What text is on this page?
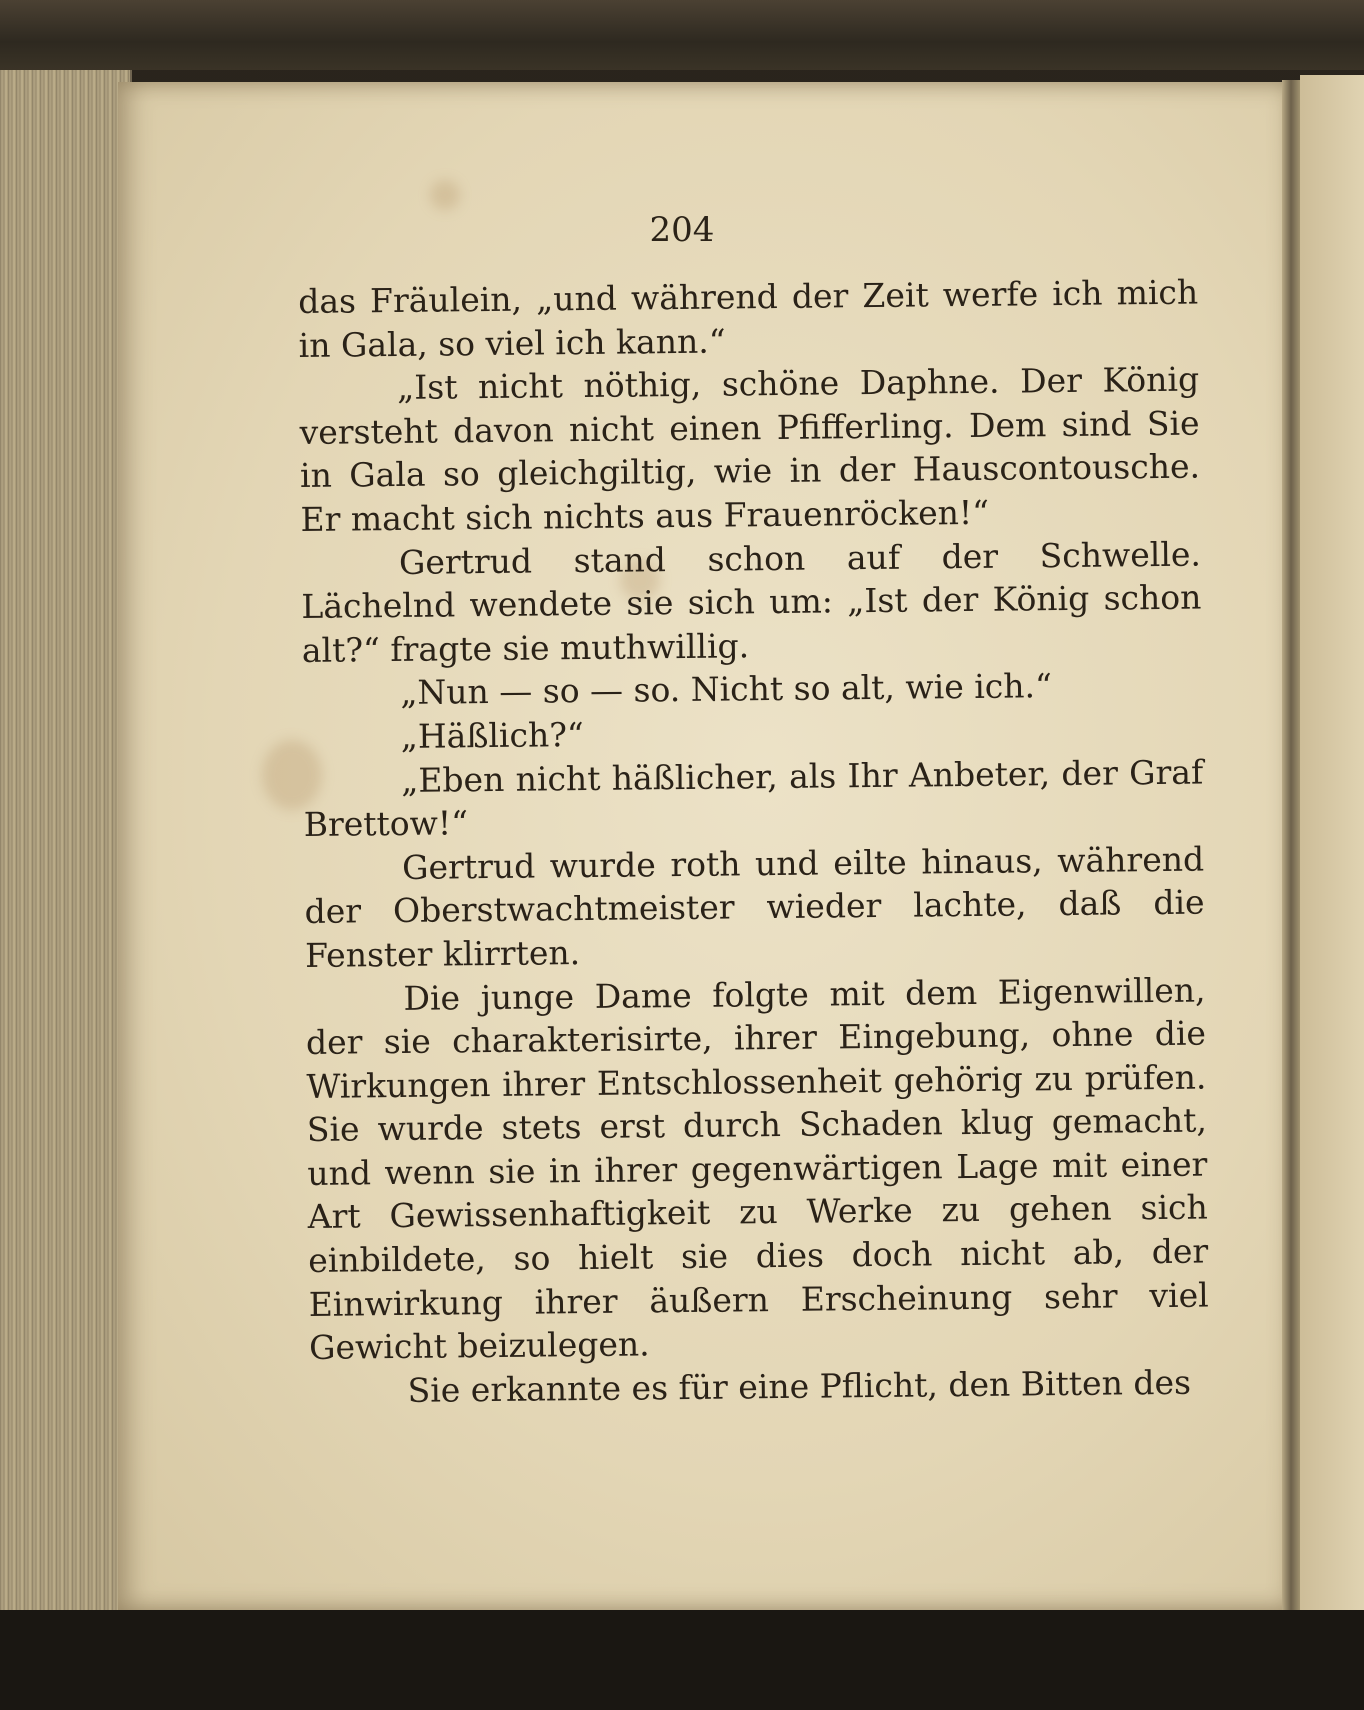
204

das Fräulein, „und während der Zeit werfe ich mich in Gala, so viel ich kann.“

„Ist nicht nöthig, schöne Daphne. Der König versteht davon nicht einen Pfifferling. Dem sind Sie in Gala so gleichgiltig, wie in der Hauscontousche. Er macht sich nichts aus Frauenröcken!“

Gertrud stand schon auf der Schwelle. Lächelnd wendete sie sich um: „Ist der König schon alt?“ fragte sie muthwillig.

„Nun — so — so. Nicht so alt, wie ich.“

„Häßlich?“

„Eben nicht häßlicher, als Ihr Anbeter, der Graf Brettow!“

Gertrud wurde roth und eilte hinaus, während der Oberstwachtmeister wieder lachte, daß die Fenster klirrten.

Die junge Dame folgte mit dem Eigenwillen, der sie charakterisirte, ihrer Eingebung, ohne die Wirkungen ihrer Entschlossenheit gehörig zu prüfen. Sie wurde stets erst durch Schaden klug gemacht, und wenn sie in ihrer gegenwärtigen Lage mit einer Art Gewissenhaftigkeit zu Werke zu gehen sich einbildete, so hielt sie dies doch nicht ab, der Einwirkung ihrer äußern Erscheinung sehr viel Gewicht beizulegen.

Sie erkannte es für eine Pflicht, den Bitten des
